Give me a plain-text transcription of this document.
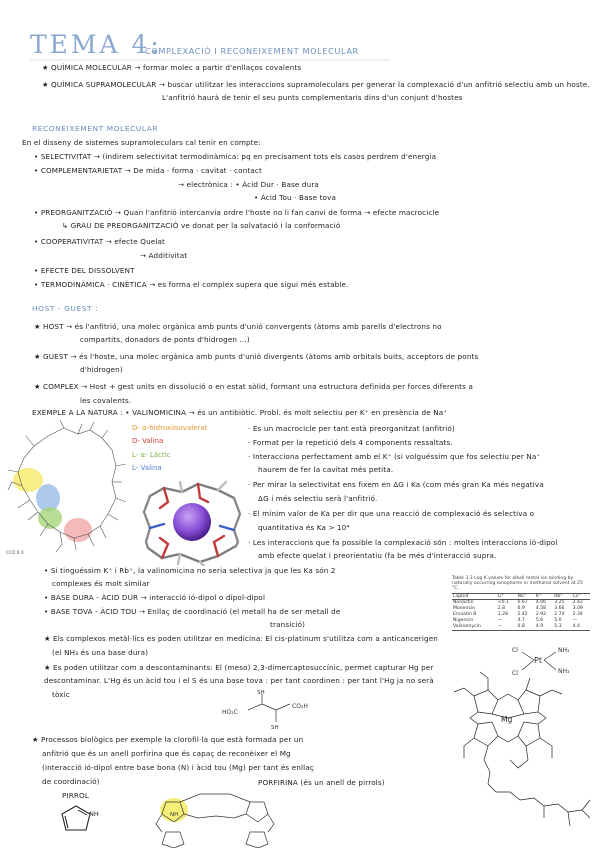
TEMA 4:
COMPLEXACIÓ I RECONEIXEMENT MOLECULAR
★ QUÍMICA MOLECULAR → formar molec a partir d'enllaços covalents
★ QUÍMICA SUPRAMOLECULAR → buscar utilitzar les interaccions supramoleculars per generar la complexació d'un anfitrió selectiu amb un hoste.
L'anfitrió haurà de tenir el seu punts complementaris dins d'un conjunt d'hostes
RECONEIXEMENT MOLECULAR
En el disseny de sistemes supramoleculars cal tenir en compte:
• SELECTIVITAT → (indirem selectivitat termodinàmica: pq en precisament tots els casos perdrem d'energia
• COMPLEMENTARIETAT → De mida · forma · cavitat · contact
→ electrònica : • Àcid Dur · Base dura
• Àcid Tou · Base tova
• PREORGANITZACIÓ → Quan l'anfitrió intercanvia ordre l'hoste no li fan canvi de forma → efecte macrocicle
↳ GRAU DE PREORGANITZACIÓ ve donat per la solvatació i la conformació
• COOPERATIVITAT → efecte Quelat
→ Additivitat
• EFECTE DEL DISSOLVENT
• TERMODINÀMICA · CINÈTICA → es forma el complex supera que sigui més estable.
HOST - GUEST :
★ HOST → és l'anfitrió, una molec orgànica amb punts d'unió convergents (àtoms amb parells d'electrons no
compartits, donadors de ponts d'hidrogen ...)
★ GUEST → és l'hoste, una molec orgànica amb punts d'unió divergents (àtoms amb orbitals buits, acceptors de ponts
d'hidrogen)
★ COMPLEX → Host + gest units en dissolució o en estat sòlid, formant una estructura definida per forces diferents a
les covalents.
EXEMPLE A LA NATURA : • VALINOMICINA → és un antibiòtic. Probl. és molt selectiu per K⁺ en presència de Na⁺
CC0 0 0
D- α-hidroxiisovalerat
D- Valina
L- α- Làctic
L- Valina
· Es un macrocicle per tant està preorganitzat (anfitrió)
· Format per la repetició dels 4 components ressaltats.
· Interacciona perfectament amb el K⁺ (si volguéssim que fos selectiu per Na⁺
haurem de fer la cavitat més petita.
· Per mirar la selectivitat ens fixem en ΔG i Ka (com més gran Ka més negativa
ΔG i més selectiu serà l'anfitrió.
· El mínim valor de Ka per dir que una reacció de complexació és selectiva o
quantitativa és Ka > 10⁴
· Les interaccions que fa possible la complexació són : moltes interaccions ió-dipol
amb efecte quelat i preorientatiu (fa be més d'interacció supra.
• Si tinguéssim K⁺ i Rb⁺, la valinomicina no seria selectiva ja que les Ka són 2
complexes és molt similar
• BASE DURA - ÀCID DUR → interacció ió-dipol o dipol-dipol
• BASE TOVA - ÀCID TOU → Enllaç de coordinació (el metall ha de ser metall de
transició)
Table 3.3 Log K values for alkali metal ion binding by naturally occurring ionophores in methanol solvent at 25 °C.
Ligand	Li⁺	Na⁺	K⁺	Rb⁺	Cs⁺
Nonactin	<0.1	0.67	4.06	3.25	2.42
Monensin	2.8	6.9	4.58	3.66	3.09
Enniatin B	1.28	2.42	2.92	2.74	2.34
Nigericin	—	4.7	5.6	5.0	—
Valinomycin	—	0.8	4.9	5.3	4.4
Pt
NH₃
NH₃
Cl
Cl
★ Els complexos metàl·lics es poden utilitzar en medicina: El cis-platinum s'utilitza com a anticancerigen
(el NH₃ és una base dura)
★ Es poden utilitzar com a descontaminants: El (meso) 2,3-dimercaptosuccínic, permet capturar Hg per
descontaminar. L'Hg és un àcid tou i el S és una base tova : per tant coordinen : per tant l'Hg ja no serà
tòxic
HO₂C
SH
SH
CO₂H
★ Processos biològics per exemple la clorofil·la que està formada per un
anfitrió que és un anell porfirina que és capaç de reconèixer el Mg
(interacció ió-dipol entre base bona (N) i àcid tou (Mg) per tant és enllaç
de coordinació)
PIRROL
PORFIRINA (és un anell de pirrols)
NH	NH
Mg
